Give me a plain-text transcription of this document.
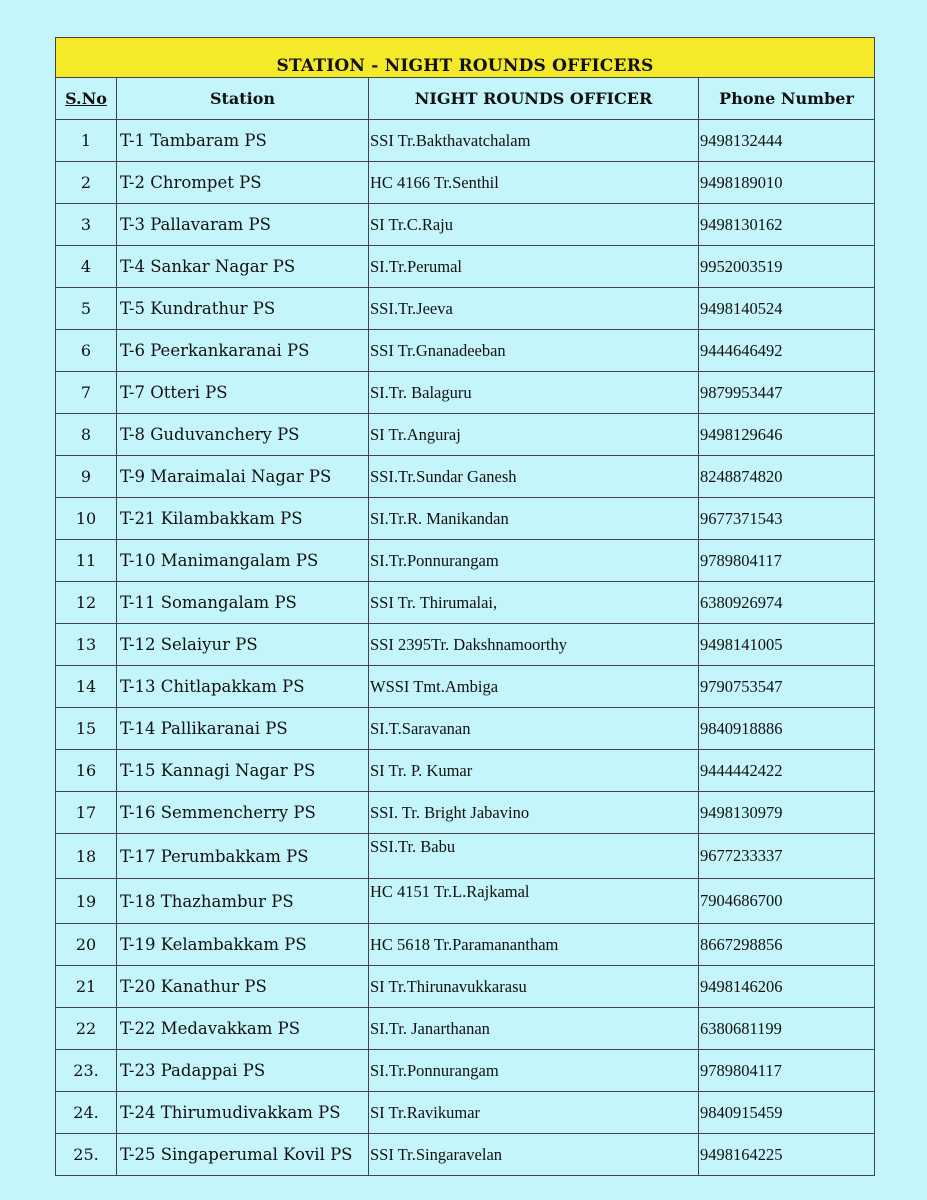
STATION - NIGHT ROUNDS OFFICERS			
S.No	Station	NIGHT ROUNDS OFFICER	Phone Number
1	T-1 Tambaram PS	SSI Tr.Bakthavatchalam	9498132444
2	T-2 Chrompet PS	HC 4166 Tr.Senthil	9498189010
3	T-3 Pallavaram PS	SI Tr.C.Raju	9498130162
4	T-4 Sankar Nagar PS	SI.Tr.Perumal	9952003519
5	T-5 Kundrathur PS	SSI.Tr.Jeeva	9498140524
6	T-6 Peerkankaranai PS	SSI Tr.Gnanadeeban	9444646492
7	T-7 Otteri PS	SI.Tr. Balaguru	9879953447
8	T-8 Guduvanchery PS	SI Tr.Anguraj	9498129646
9	T-9 Maraimalai Nagar PS	SSI.Tr.Sundar Ganesh	8248874820
10	T-21 Kilambakkam PS	SI.Tr.R. Manikandan	9677371543
11	T-10 Manimangalam PS	SI.Tr.Ponnurangam	9789804117
12	T-11 Somangalam PS	SSI Tr. Thirumalai,	6380926974
13	T-12 Selaiyur PS	SSI 2395Tr. Dakshnamoorthy	9498141005
14	T-13 Chitlapakkam PS	WSSI Tmt.Ambiga	9790753547
15	T-14 Pallikaranai PS	SI.T.Saravanan	9840918886
16	T-15 Kannagi Nagar PS	SI Tr. P. Kumar	9444442422
17	T-16 Semmencherry PS	SSI. Tr. Bright Jabavino	9498130979
18	T-17 Perumbakkam PS	SSI.Tr. Babu	9677233337
19	T-18 Thazhambur PS	HC 4151 Tr.L.Rajkamal	7904686700
20	T-19 Kelambakkam PS	HC 5618 Tr.Paramanantham	8667298856
21	T-20 Kanathur PS	SI Tr.Thirunavukkarasu	9498146206
22	T-22 Medavakkam PS	SI.Tr. Janarthanan	6380681199
23.	T-23 Padappai PS	SI.Tr.Ponnurangam	9789804117
24.	T-24 Thirumudivakkam PS	SI Tr.Ravikumar	9840915459
25.	T-25 Singaperumal Kovil PS	SSI Tr.Singaravelan	9498164225
